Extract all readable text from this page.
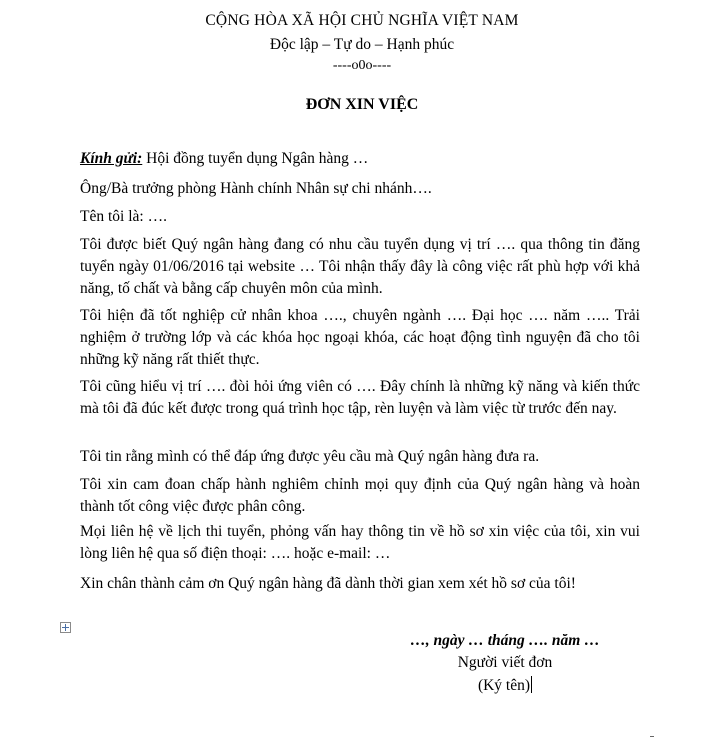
CỘNG HÒA XÃ HỘI CHỦ NGHĨA VIỆT NAM
Độc lập – Tự do – Hạnh phúc
----o0o----
ĐƠN XIN VIỆC
Kính gửi: Hội đồng tuyển dụng Ngân hàng …
Ông/Bà trưởng phòng Hành chính Nhân sự chi nhánh….
Tên tôi là: ….
Tôi được biết Quý ngân hàng đang có nhu cầu tuyển dụng vị trí …. qua thông tin đăng tuyển ngày 01/06/2016 tại website … Tôi nhận thấy đây là công việc rất phù hợp với khả năng, tố chất và bằng cấp chuyên môn của mình.
Tôi hiện đã tốt nghiệp cử nhân khoa …., chuyên ngành …. Đại học …. năm ….. Trải nghiệm ở trường lớp và các khóa học ngoại khóa, các hoạt động tình nguyện đã cho tôi những kỹ năng rất thiết thực.
Tôi cũng hiểu vị trí …. đòi hỏi ứng viên có …. Đây chính là những kỹ năng và kiến thức mà tôi đã đúc kết được trong quá trình học tập, rèn luyện và làm việc từ trước đến nay.
Tôi tin rằng mình có thể đáp ứng được yêu cầu mà Quý ngân hàng đưa ra.
Tôi xin cam đoan chấp hành nghiêm chỉnh mọi quy định của Quý ngân hàng và hoàn thành tốt công việc được phân công.
Mọi liên hệ về lịch thi tuyển, phỏng vấn hay thông tin về hồ sơ xin việc của tôi, xin vui lòng liên hệ qua số điện thoại: …. hoặc e-mail: …
Xin chân thành cảm ơn Quý ngân hàng đã dành thời gian xem xét hồ sơ của tôi!
…, ngày … tháng …. năm …
Người viết đơn
(Ký tên)
